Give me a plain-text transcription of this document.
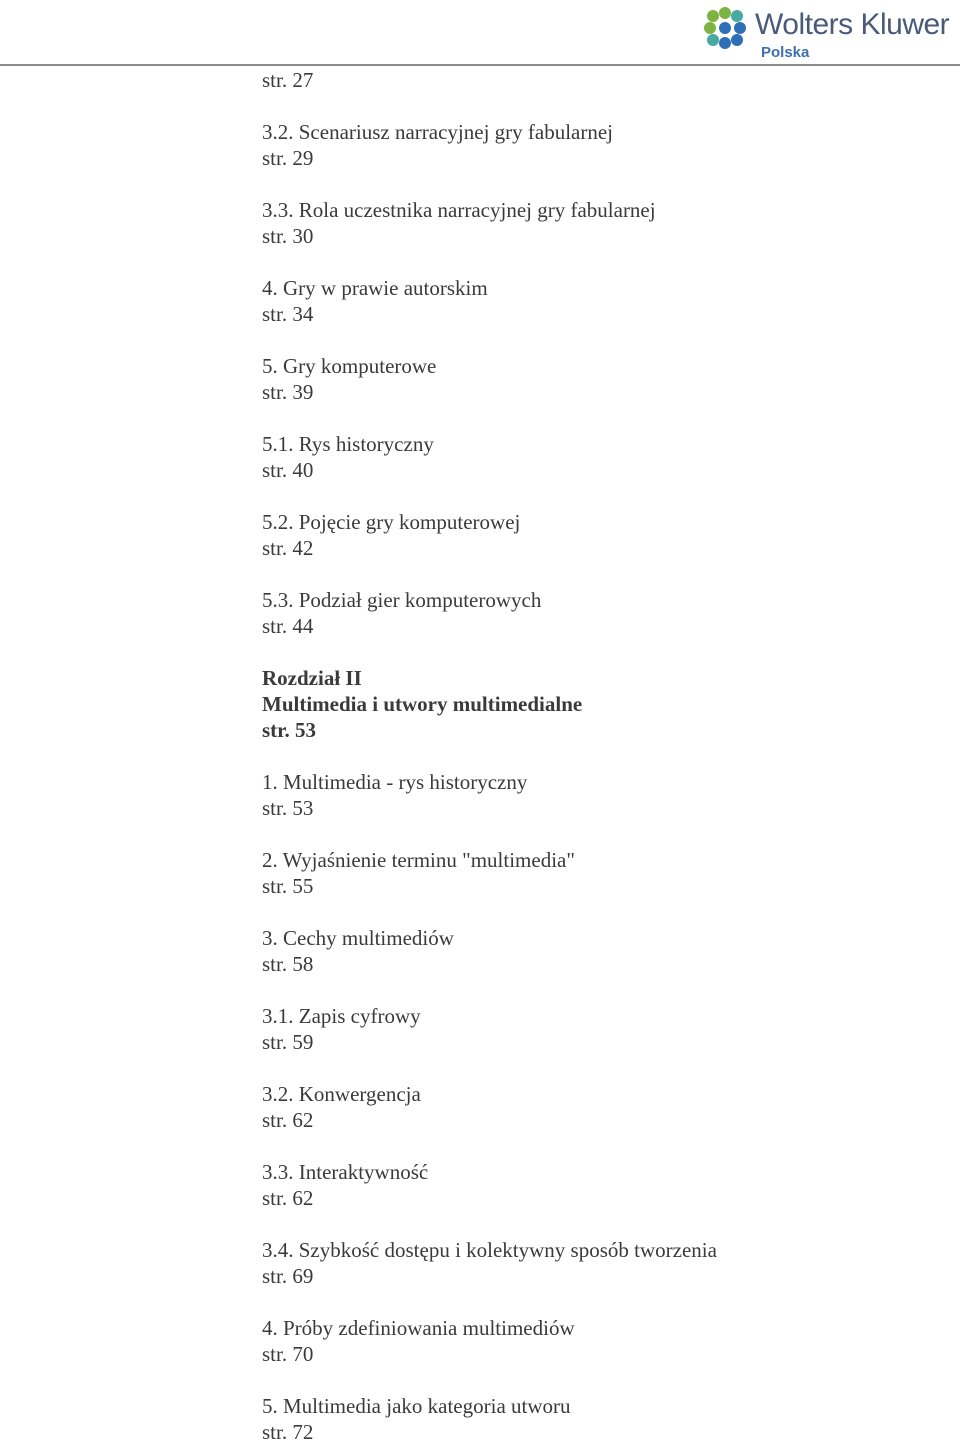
Wolters Kluwer
Polska
str. 27
3.2. Scenariusz narracyjnej gry fabularnej
str. 29
3.3. Rola uczestnika narracyjnej gry fabularnej
str. 30
4. Gry w prawie autorskim
str. 34
5. Gry komputerowe
str. 39
5.1. Rys historyczny
str. 40
5.2. Pojęcie gry komputerowej
str. 42
5.3. Podział gier komputerowych
str. 44
Rozdział II
Multimedia i utwory multimedialne
str. 53
1. Multimedia - rys historyczny
str. 53
2. Wyjaśnienie terminu "multimedia"
str. 55
3. Cechy multimediów
str. 58
3.1. Zapis cyfrowy
str. 59
3.2. Konwergencja
str. 62
3.3. Interaktywność
str. 62
3.4. Szybkość dostępu i kolektywny sposób tworzenia
str. 69
4. Próby zdefiniowania multimediów
str. 70
5. Multimedia jako kategoria utworu
str. 72
